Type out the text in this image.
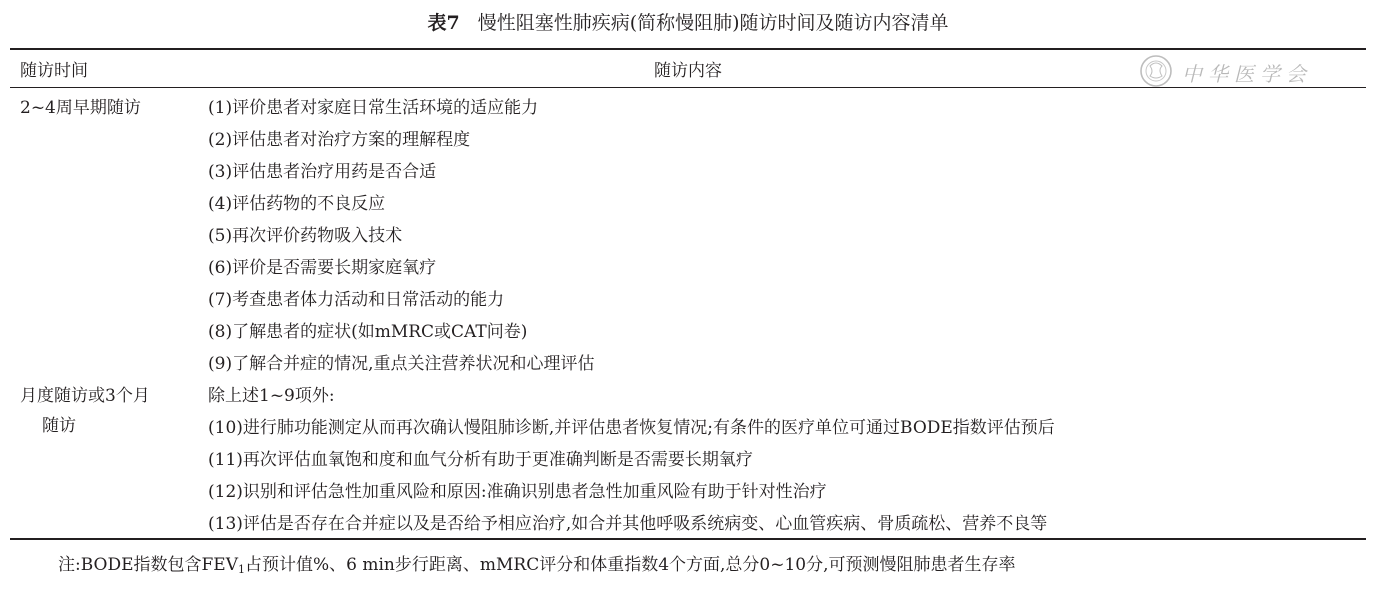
表7 慢性阻塞性肺疾病(简称慢阻肺)随访时间及随访内容清单
随访内容
随访时间	中华医学会
2~4周早期随访	(1)评价患者对家庭日常生活环境的适应能力
(2)评估患者对治疗方案的理解程度
(3)评估患者治疗用药是否合适
(4)评估药物的不良反应
(5)再次评价药物吸入技术
(6)评价是否需要长期家庭氧疗
(7)考查患者体力活动和日常活动的能力
(8)了解患者的症状(如mMRC或CAT问卷)
(9)了解合并症的情况,重点关注营养状况和心理评估
月度随访或3个月
随访
除上述1~9项外:
(10)进行肺功能测定从而再次确认慢阻肺诊断,并评估患者恢复情况;有条件的医疗单位可通过BODE指数评估预后
(11)再次评估血氧饱和度和血气分析有助于更准确判断是否需要长期氧疗
(12)识别和评估急性加重风险和原因:准确识别患者急性加重风险有助于针对性治疗
(13)评估是否存在合并症以及是否给予相应治疗,如合并其他呼吸系统病变、心血管疾病、骨质疏松、营养不良等
注:BODE指数包含$FEV_1$占预计值%、6 min步行距离、mMRC评分和体重指数4个方面,总分0~10分,可预测慢阻肺患者生存率
